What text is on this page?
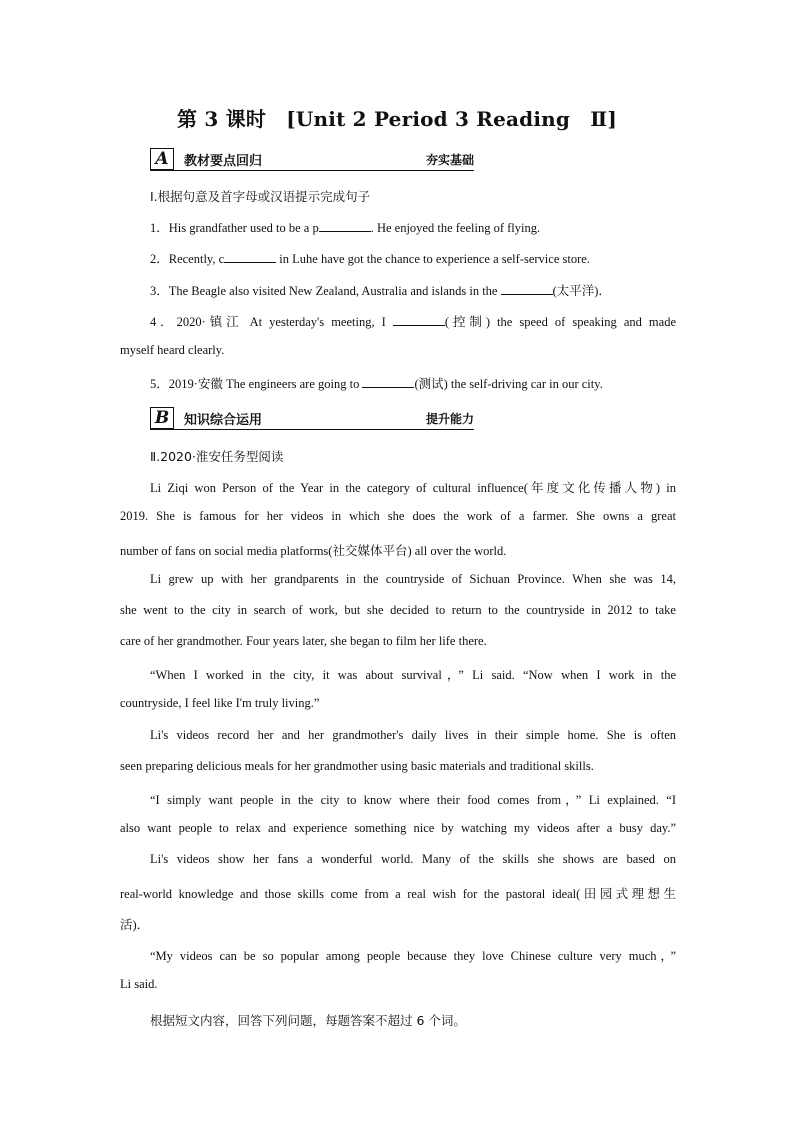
第 3 课时　[Unit 2 Period 3 Reading　Ⅱ]
A 教材要点回归	夯实基础
Ⅰ.根据句意及首字母或汉语提示完成句子
1．His grandfather used to be a p	. He enjoyed the feeling of flying.
2．Recently, c	in Luhe have got the chance to experience a self-service store.
3．The Beagle also visited New Zealand, Australia and islands in the	(太平洋)．
4．2020·镇江 At yesterday's meeting, I	(控制) the speed of speaking and made
myself heard clearly.
5．2019·安徽 The engineers are going to	(测试) the self-driving car in our city.
B 知识综合运用	提升能力
Ⅱ.2020·淮安任务型阅读
Li Ziqi won Person of the Year in the category of cultural influence(年度文化传播人物) in
2019. She is famous for her videos in which she does the work of a farmer. She owns a great
number of fans on social media platforms(社交媒体平台) all over the world.
Li grew up with her grandparents in the countryside of Sichuan Province. When she was 14,
she went to the city in search of work, but she decided to return to the countryside in 2012 to take
care of her grandmother. Four years later, she began to film her life there.
“When I worked in the city, it was about survival，” Li said. “Now when I work in the
countryside, I feel like I'm truly living.”
Li's videos record her and her grandmother's daily lives in their simple home. She is often
seen preparing delicious meals for her grandmother using basic materials and traditional skills.
“I simply want people in the city to know where their food comes from，” Li explained. “I
also want people to relax and experience something nice by watching my videos after a busy day.”
Li's videos show her fans a wonderful world. Many of the skills she shows are based on
real-world knowledge and those skills come from a real wish for the pastoral ideal(田园式理想生
活)．
“My videos can be so popular among people because they love Chinese culture very much，”
Li said.
根据短文内容，回答下列问题，每题答案不超过 6 个词。
